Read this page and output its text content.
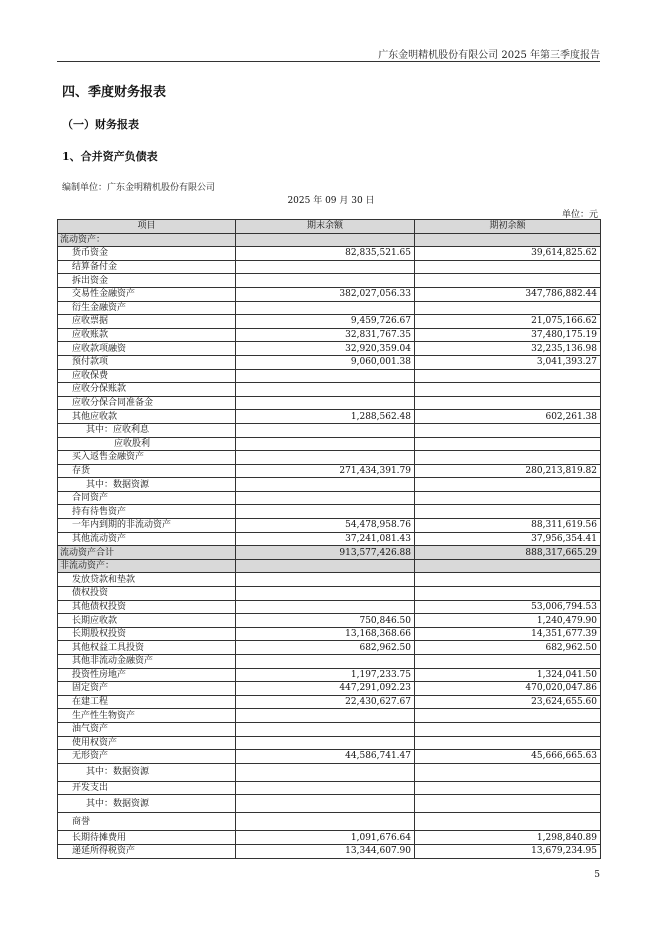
广东金明精机股份有限公司 2025 年第三季度报告
四、季度财务报表
（一）财务报表
1、合并资产负债表
编制单位：广东金明精机股份有限公司
2025 年 09 月 30 日
单位：元
项目	期末余额	期初余额
流动资产：		
货币资金	82,835,521.65	39,614,825.62
结算备付金		
拆出资金		
交易性金融资产	382,027,056.33	347,786,882.44
衍生金融资产		
应收票据	9,459,726.67	21,075,166.62
应收账款	32,831,767.35	37,480,175.19
应收款项融资	32,920,359.04	32,235,136.98
预付款项	9,060,001.38	3,041,393.27
应收保费		
应收分保账款		
应收分保合同准备金		
其他应收款	1,288,562.48	602,261.38
其中：应收利息		
应收股利		
买入返售金融资产		
存货	271,434,391.79	280,213,819.82
其中：数据资源		
合同资产		
持有待售资产		
一年内到期的非流动资产	54,478,958.76	88,311,619.56
其他流动资产	37,241,081.43	37,956,354.41
流动资产合计	913,577,426.88	888,317,665.29
非流动资产：		
发放贷款和垫款		
债权投资		
其他债权投资		53,006,794.53
长期应收款	750,846.50	1,240,479.90
长期股权投资	13,168,368.66	14,351,677.39
其他权益工具投资	682,962.50	682,962.50
其他非流动金融资产		
投资性房地产	1,197,233.75	1,324,041.50
固定资产	447,291,092.23	470,020,047.86
在建工程	22,430,627.67	23,624,655.60
生产性生物资产		
油气资产		
使用权资产		
无形资产	44,586,741.47	45,666,665.63
其中：数据资源		
开发支出		
其中：数据资源		
商誉		
长期待摊费用	1,091,676.64	1,298,840.89
递延所得税资产	13,344,607.90	13,679,234.95
5
